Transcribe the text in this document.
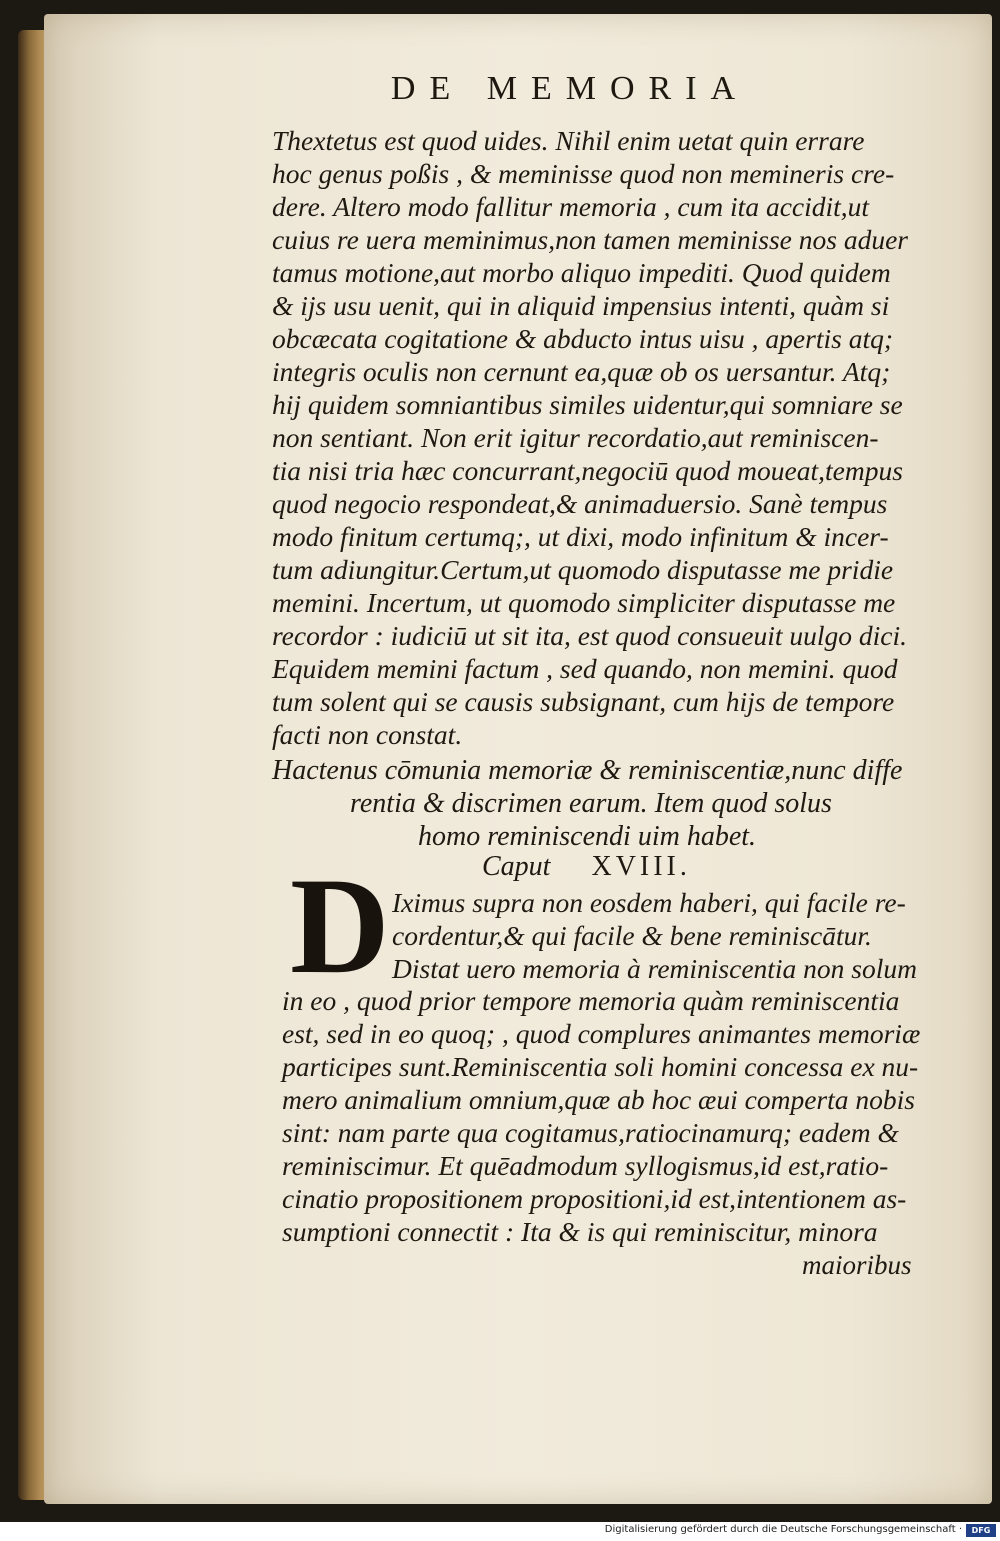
DE MEMORIA
Thextetus est quod uides. Nihil enim uetat quin errare
hoc genus poßis , & meminisse quod non memineris cre-
dere. Altero modo fallitur memoria , cum ita accidit,ut
cuius re uera meminimus,non tamen meminisse nos aduer
tamus motione,aut morbo aliquo impediti. Quod quidem
& ijs usu uenit, qui in aliquid impensius intenti, quàm si
obcæcata cogitatione & abducto intus uisu , apertis atq;
integris oculis non cernunt ea,quæ ob os uersantur. Atq;
hij quidem somniantibus similes uidentur,qui somniare se
non sentiant. Non erit igitur recordatio,aut reminiscen-
tia nisi tria hæc concurrant,negociū quod moueat,tempus
quod negocio respondeat,& animaduersio. Sanè tempus
modo finitum certumq;, ut dixi, modo infinitum & incer-
tum adiungitur.Certum,ut quomodo disputasse me pridie
memini. Incertum, ut quomodo simpliciter disputasse me
recordor : iudiciū ut sit ita, est quod consueuit uulgo dici.
Equidem memini factum , sed quando, non memini. quod
tum solent qui se causis subsignant, cum hijs de tempore
facti non constat.
Hactenus cōmunia memoriæ & reminiscentiæ,nunc diffe
rentia & discrimen earum. Item quod solus
homo reminiscendi uim habet.
Caput XVIII.
D Iximus supra non eosdem haberi, qui facile re-
cordentur,& qui facile & bene reminiscātur.
Distat uero memoria à reminiscentia non solum
in eo , quod prior tempore memoria quàm reminiscentia
est, sed in eo quoq; , quod complures animantes memoriæ
participes sunt.Reminiscentia soli homini concessa ex nu-
mero animalium omnium,quæ ab hoc æui comperta nobis
sint: nam parte qua cogitamus,ratiocinamurq; eadem &
reminiscimur. Et quēadmodum syllogismus,id est,ratio-
cinatio propositionem propositioni,id est,intentionem as-
sumptioni connectit : Ita & is qui reminiscitur, minora
maioribus
Digitalisierung gefördert durch die Deutsche Forschungsgemeinschaft ·	DFG
